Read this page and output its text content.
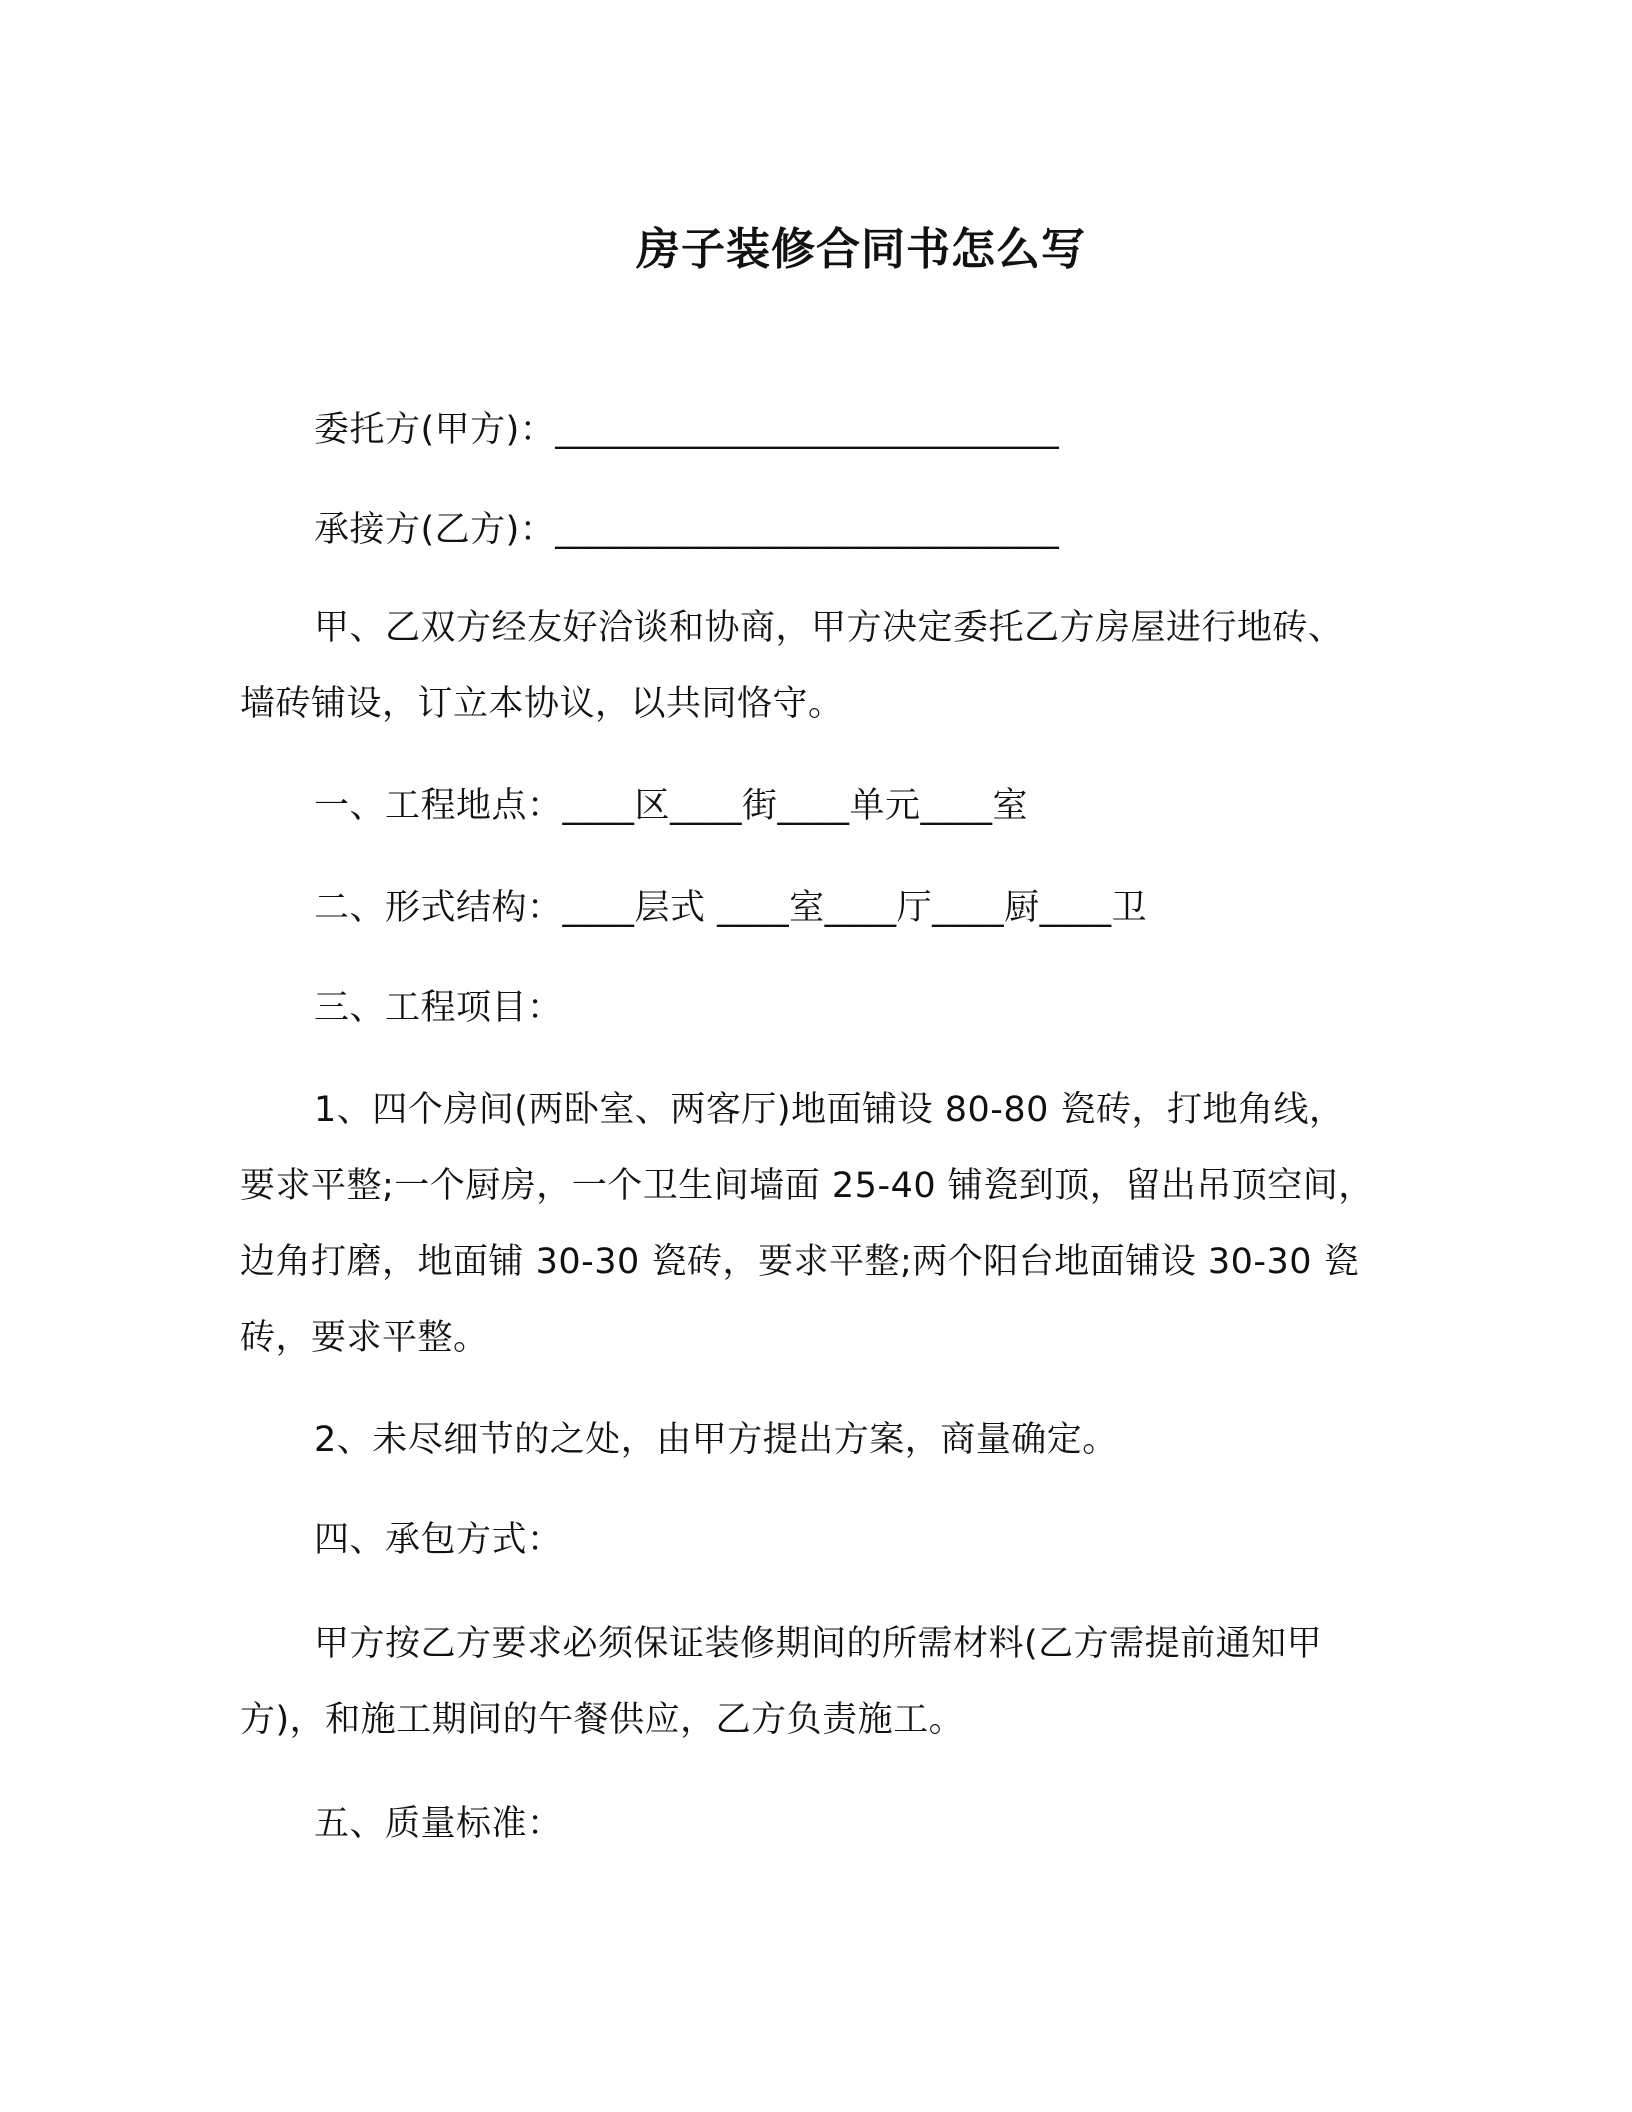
房子装修合同书怎么写
委托方(甲方)：____________________________
承接方(乙方)：____________________________
甲、乙双方经友好洽谈和协商，甲方决定委托乙方房屋进行地砖、
墙砖铺设，订立本协议，以共同恪守。
一、工程地点：____区____街____单元____室
二、形式结构：____层式 ____室____厅____厨____卫
三、工程项目：
1、四个房间(两卧室、两客厅)地面铺设 80-80 瓷砖，打地角线，
要求平整;一个厨房，一个卫生间墙面 25-40 铺瓷到顶，留出吊顶空间，
边角打磨，地面铺 30-30 瓷砖，要求平整;两个阳台地面铺设 30-30 瓷
砖，要求平整。
2、未尽细节的之处，由甲方提出方案，商量确定。
四、承包方式：
甲方按乙方要求必须保证装修期间的所需材料(乙方需提前通知甲
方)，和施工期间的午餐供应，乙方负责施工。
五、质量标准：
